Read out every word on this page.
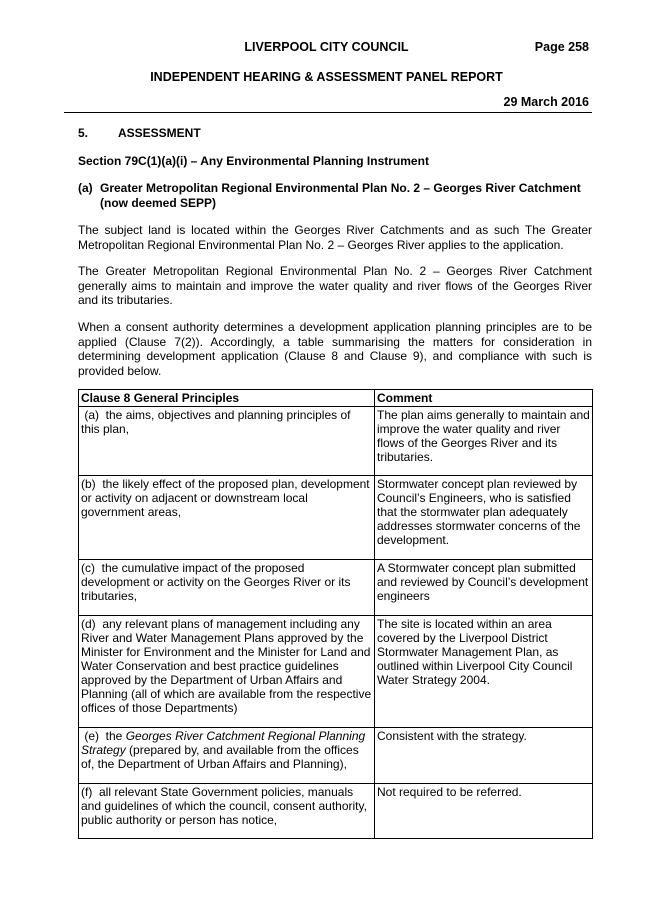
LIVERPOOL CITY COUNCIL	Page 258
INDEPENDENT HEARING & ASSESSMENT PANEL REPORT
29 March 2016
5. ASSESSMENT
Section 79C(1)(a)(i) – Any Environmental Planning Instrument
(a) Greater Metropolitan Regional Environmental Plan No. 2 – Georges River Catchment
(now deemed SEPP)
The subject land is located within the Georges River Catchments and as such The Greater Metropolitan Regional Environmental Plan No. 2 – Georges River applies to the application.
The Greater Metropolitan Regional Environmental Plan No. 2 – Georges River Catchment generally aims to maintain and improve the water quality and river flows of the Georges River and its tributaries.
When a consent authority determines a development application planning principles are to be applied (Clause 7(2)). Accordingly, a table summarising the matters for consideration in determining development application (Clause 8 and Clause 9), and compliance with such is provided below.
Clause 8 General Principles	Comment
(a)  the aims, objectives and planning principles of this plan,	The plan aims generally to maintain and improve the water quality and river flows of the Georges River and its tributaries.
(b)  the likely effect of the proposed plan, development or activity on adjacent or downstream local government areas,	Stormwater concept plan reviewed by Council’s Engineers, who is satisfied that the stormwater plan adequately addresses stormwater concerns of the development.
(c)  the cumulative impact of the proposed development or activity on the Georges River or its tributaries,	A Stormwater concept plan submitted and reviewed by Council’s development engineers
(d)  any relevant plans of management including any River and Water Management Plans approved by the Minister for Environment and the Minister for Land and Water Conservation and best practice guidelines approved by the Department of Urban Affairs and Planning (all of which are available from the respective offices of those Departments)	The site is located within an area covered by the Liverpool District Stormwater Management Plan, as outlined within Liverpool City Council Water Strategy 2004.
(e)  the Georges River Catchment Regional Planning Strategy (prepared by, and available from the offices of, the Department of Urban Affairs and Planning),	Consistent with the strategy.
(f)  all relevant State Government policies, manuals and guidelines of which the council, consent authority, public authority or person has notice,	Not required to be referred.
